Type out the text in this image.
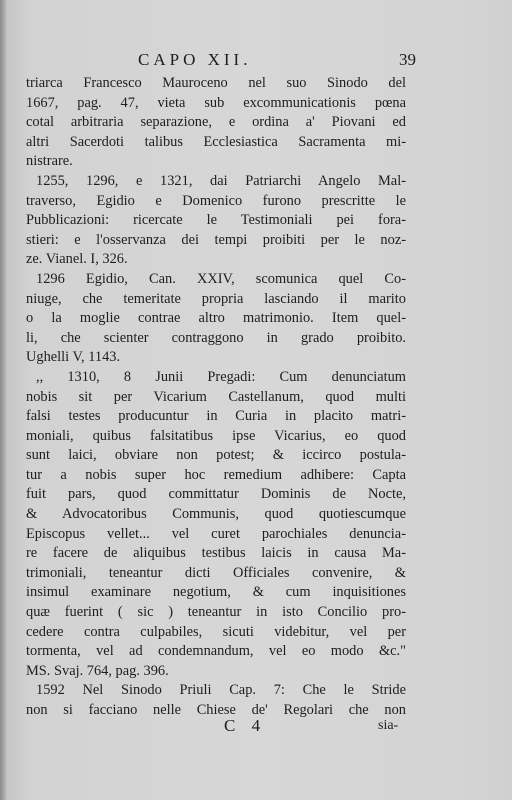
CAPO XII.	39
triarca Francesco Mauroceno nel suo Sinodo del
1667, pag. 47, vieta sub excommunicationis pœna
cotal arbitraria separazione, e ordina a' Piovani ed
altri Sacerdoti talibus Ecclesiastica Sacramenta mi-
nistrare.
1255, 1296, e 1321, dai Patriarchi Angelo Mal-
traverso, Egidio e Domenico furono prescritte le
Pubblicazioni: ricercate le Testimoniali pei fora-
stieri: e l'osservanza dei tempi proibiti per le noz-
ze. Vianel. I, 326.
1296 Egidio, Can. XXIV, scomunica quel Co-
niuge, che temeritate propria lasciando il marito
o la moglie contrae altro matrimonio. Item quel-
li, che scienter contraggono in grado proibito.
Ughelli V, 1143.
,, 1310, 8 Junii Pregadi: Cum denunciatum
nobis sit per Vicarium Castellanum, quod multi
falsi testes producuntur in Curia in placito matri-
moniali, quibus falsitatibus ipse Vicarius, eo quod
sunt laici, obviare non potest; & iccirco postula-
tur a nobis super hoc remedium adhibere: Capta
fuit pars, quod committatur Dominis de Nocte,
& Advocatoribus Communis, quod quotiescumque
Episcopus vellet... vel curet parochiales denuncia-
re facere de aliquibus testibus laicis in causa Ma-
trimoniali, teneantur dicti Officiales convenire, &
insimul examinare negotium, & cum inquisitiones
quæ fuerint ( sic ) teneantur in isto Concilio pro-
cedere contra culpabiles, sicuti videbitur, vel per
tormenta, vel ad condemnandum, vel eo modo &c."
MS. Svaj. 764, pag. 396.
1592 Nel Sinodo Priuli Cap. 7: Che le Stride
non si facciano nelle Chiese de' Regolari che non
C 4	sia-
